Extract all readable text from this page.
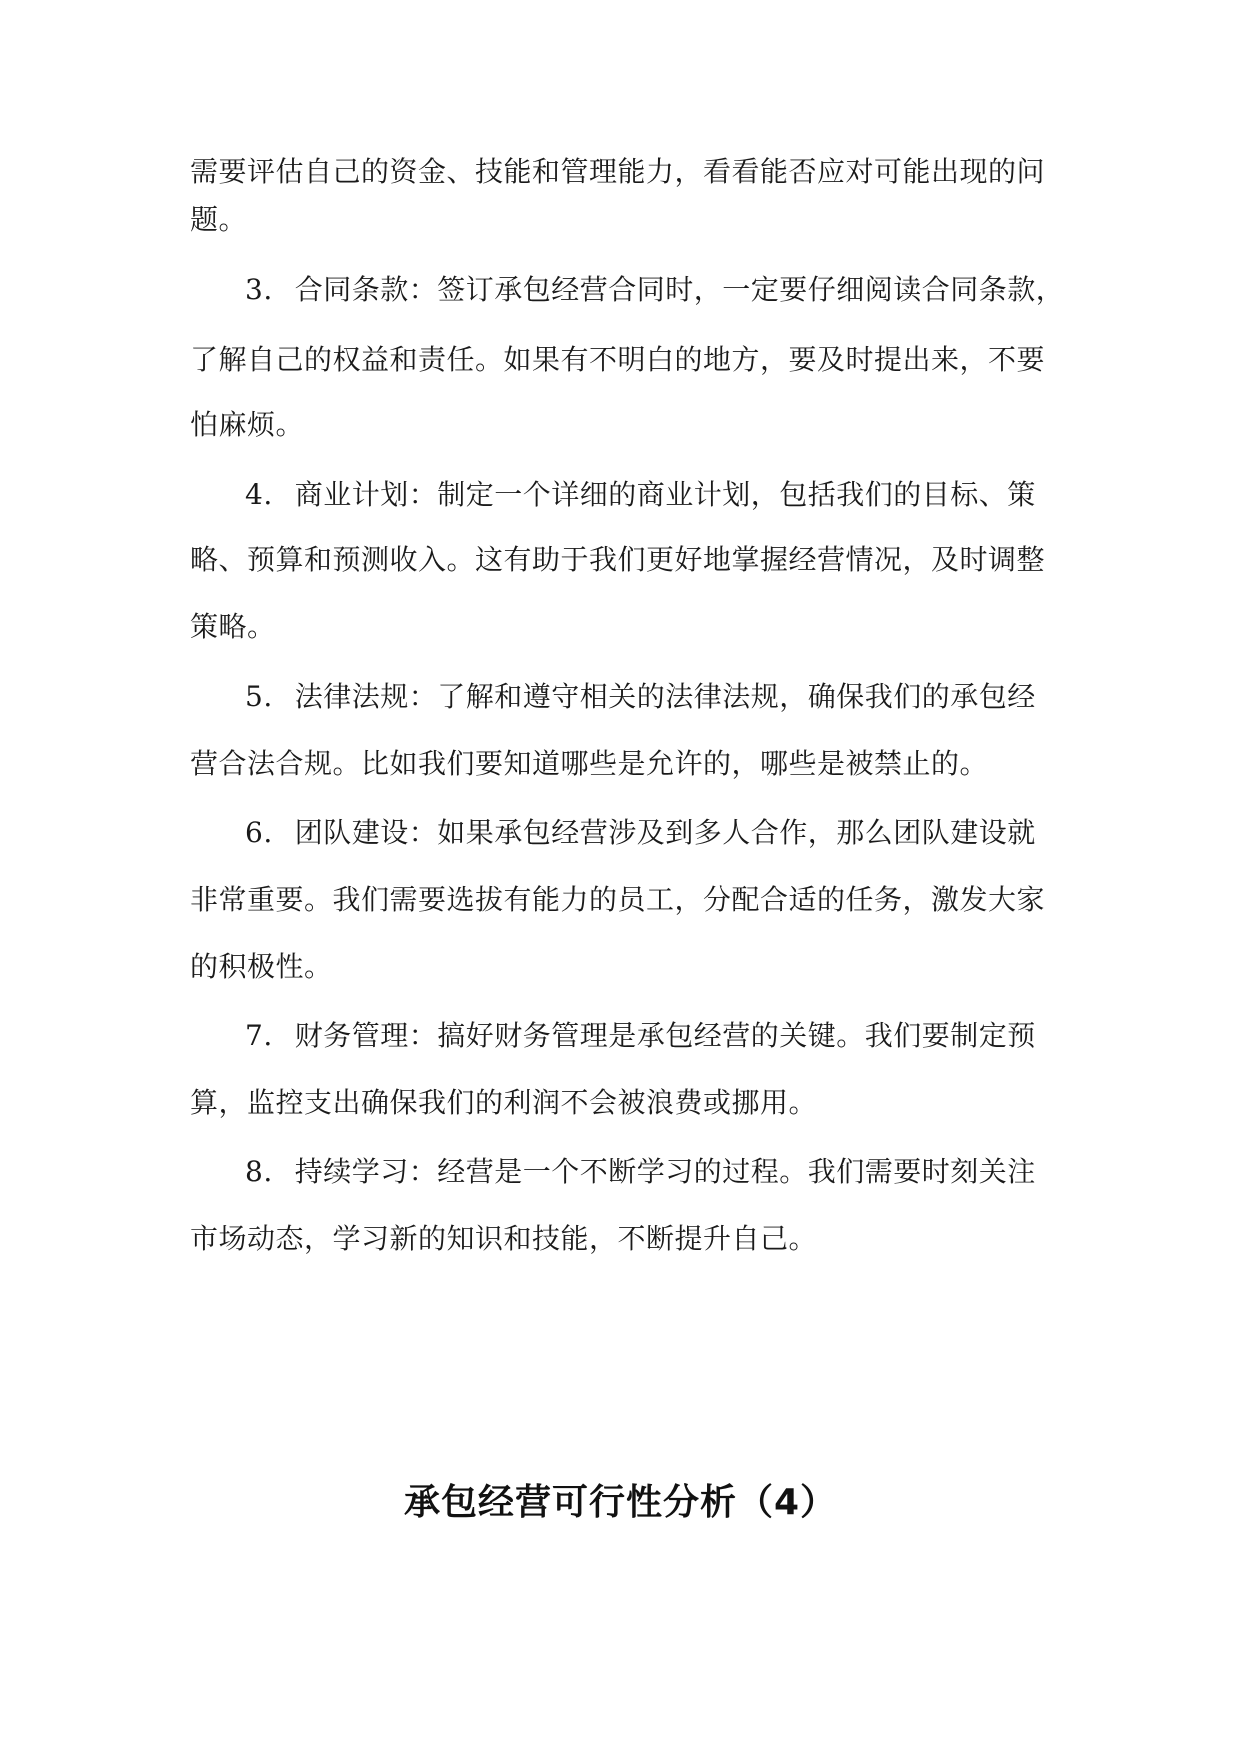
需要评估自己的资金、技能和管理能力，看看能否应对可能出现的问
题。
3. 合同条款：签订承包经营合同时，一定要仔细阅读合同条款，
了解自己的权益和责任。如果有不明白的地方，要及时提出来，不要
怕麻烦。
4. 商业计划：制定一个详细的商业计划，包括我们的目标、策
略、预算和预测收入。这有助于我们更好地掌握经营情况，及时调整
策略。
5. 法律法规：了解和遵守相关的法律法规，确保我们的承包经
营合法合规。比如我们要知道哪些是允许的，哪些是被禁止的。
6. 团队建设：如果承包经营涉及到多人合作，那么团队建设就
非常重要。我们需要选拔有能力的员工，分配合适的任务，激发大家
的积极性。
7. 财务管理：搞好财务管理是承包经营的关键。我们要制定预
算，监控支出确保我们的利润不会被浪费或挪用。
8. 持续学习：经营是一个不断学习的过程。我们需要时刻关注
市场动态，学习新的知识和技能，不断提升自己。
承包经营可行性分析（4）
